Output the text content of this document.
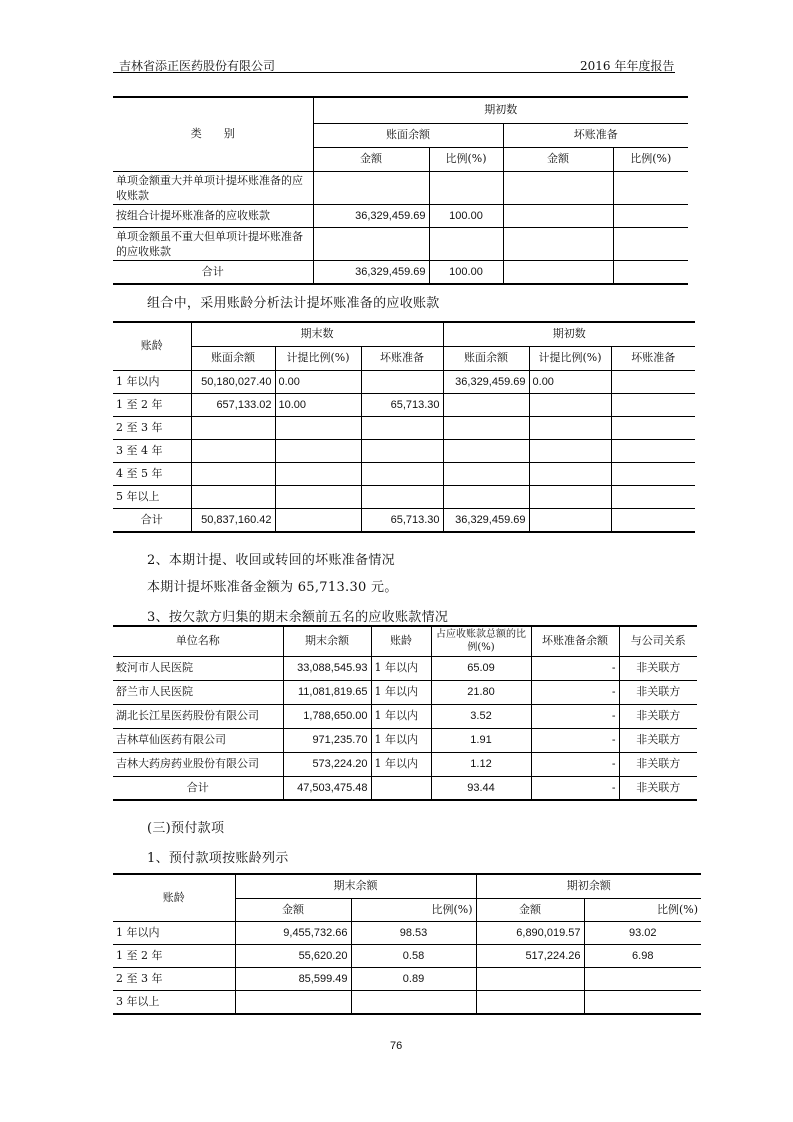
吉林省添正医药股份有限公司	2016 年年度报告
类　　别	期初数			
	账面余额		坏账准备	
	金额	比例(%)	金额	比例(%)
单项金额重大并单项计提坏账准备的应收账款				
按组合计提坏账准备的应收账款	36,329,459.69	100.00		
单项金额虽不重大但单项计提坏账准备的应收账款				
合计	36,329,459.69	100.00		
组合中，采用账龄分析法计提坏账准备的应收账款
账龄	期末数			期初数		
	账面余额	计提比例(%)	坏账准备	账面余额	计提比例(%)	坏账准备
1 年以内	50,180,027.40	0.00		36,329,459.69	0.00	
1 至 2 年	657,133.02	10.00	65,713.30			
2 至 3 年						
3 至 4 年						
4 至 5 年						
5 年以上						
合计	50,837,160.42		65,713.30	36,329,459.69		
2、本期计提、收回或转回的坏账准备情况
本期计提坏账准备金额为 65,713.30 元。
3、按欠款方归集的期末余额前五名的应收账款情况
单位名称	期末余额	账龄	占应收账款总额的比例(%)	坏账准备余额	与公司关系
蛟河市人民医院	33,088,545.93	1 年以内	65.09	-	非关联方
舒兰市人民医院	11,081,819.65	1 年以内	21.80	-	非关联方
湖北长江星医药股份有限公司	1,788,650.00	1 年以内	3.52	-	非关联方
吉林草仙医药有限公司	971,235.70	1 年以内	1.91	-	非关联方
吉林大药房药业股份有限公司	573,224.20	1 年以内	1.12	-	非关联方
合计	47,503,475.48		93.44	-	非关联方
(三)预付款项
1、预付款项按账龄列示
账龄	期末余额		期初余额	
	金额	比例(%)	金额	比例(%)
1 年以内	9,455,732.66	98.53	6,890,019.57	93.02
1 至 2 年	55,620.20	0.58	517,224.26	6.98
2 至 3 年	85,599.49	0.89		
3 年以上				
76
